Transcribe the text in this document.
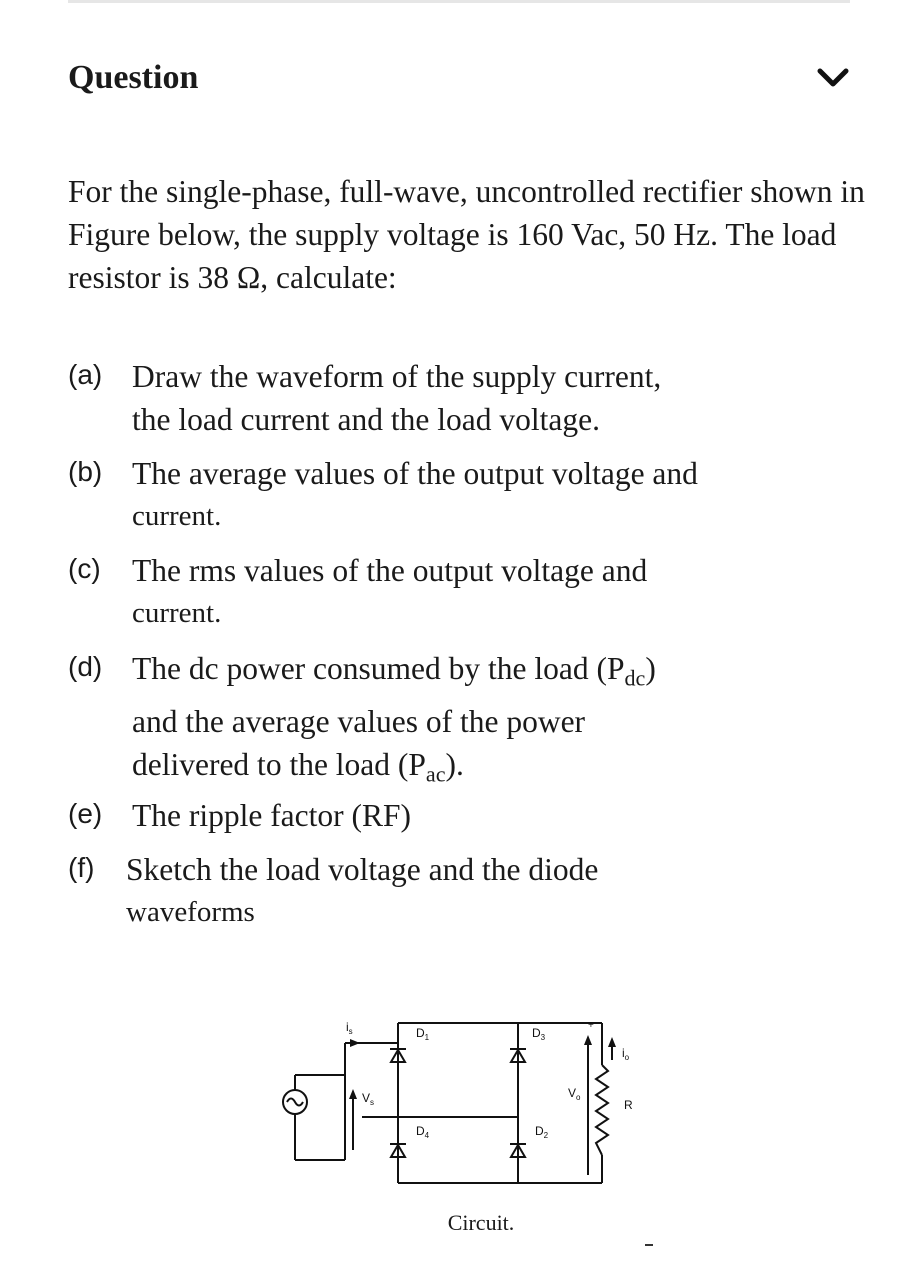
Question

For the single-phase, full-wave, uncontrolled rectifier shown in Figure below, the supply voltage is 160 Vac, 50 Hz. The load resistor is 38 Ω, calculate:

(a) Draw the waveform of the supply current,
the load current and the load voltage.
(b) The average values of the output voltage and
current.
(c) The rms values of the output voltage and
current.
(d) The dc power consumed by the load $(P_{dc})$
and the average values of the power
delivered to the load $(P_{ac})$.
(e) The ripple factor (RF)
(f) Sketch the load voltage and the diode
waveforms
$i_s$
$V_s$
$D_1$
$D_4$
$D_3$
$D_2$
$V_o$
$i_o$
R
+
Circuit.
